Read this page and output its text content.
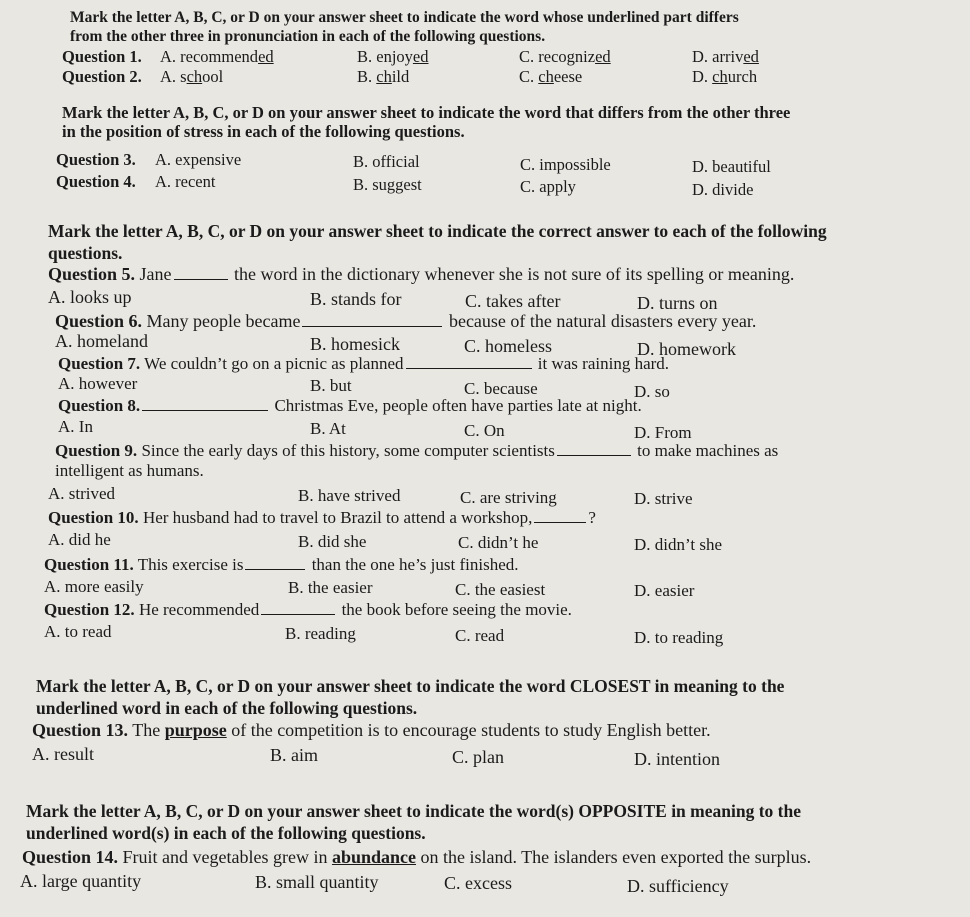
Mark the letter A, B, C, or D on your answer sheet to indicate the word whose underlined part differs
from the other three in pronunciation in each of the following questions.
Question 1. A. recommended	B. enjoyed	C. recognized	D. arrived
Question 2. A. school	B. child	C. cheese	D. church
Mark the letter A, B, C, or D on your answer sheet to indicate the word that differs from the other three
in the position of stress in each of the following questions.
Question 3. A. expensive	B. official	C. impossible	D. beautiful
Question 4. A. recent	B. suggest	C. apply	D. divide
Mark the letter A, B, C, or D on your answer sheet to indicate the correct answer to each of the following
questions.
Question 5. Jane	the word in the dictionary whenever she is not sure of its spelling or meaning.
A. looks up	B. stands for	C. takes after	D. turns on
Question 6. Many people became	because of the natural disasters every year.
A. homeland	B. homesick	C. homeless	D. homework
Question 7. We couldn’t go on a picnic as planned	it was raining hard.
A. however	B. but	C. because	D. so
Question 8.	Christmas Eve, people often have parties late at night.
A. In	B. At	C. On	D. From
Question 9. Since the early days of this history, some computer scientists	to make machines as
intelligent as humans.
A. strived	B. have strived	C. are striving	D. strive
Question 10. Her husband had to travel to Brazil to attend a workshop,	?
A. did he	B. did she	C. didn’t he	D. didn’t she
Question 11. This exercise is	than the one he’s just finished.
A. more easily	B. the easier	C. the easiest	D. easier
Question 12. He recommended	the book before seeing the movie.
A. to read	B. reading	C. read	D. to reading
Mark the letter A, B, C, or D on your answer sheet to indicate the word CLOSEST in meaning to the
underlined word in each of the following questions.
Question 13. The purpose of the competition is to encourage students to study English better.
A. result	B. aim	C. plan	D. intention
Mark the letter A, B, C, or D on your answer sheet to indicate the word(s) OPPOSITE in meaning to the
underlined word(s) in each of the following questions.
Question 14. Fruit and vegetables grew in abundance on the island. The islanders even exported the surplus.
A. large quantity	B. small quantity	C. excess	D. sufficiency
